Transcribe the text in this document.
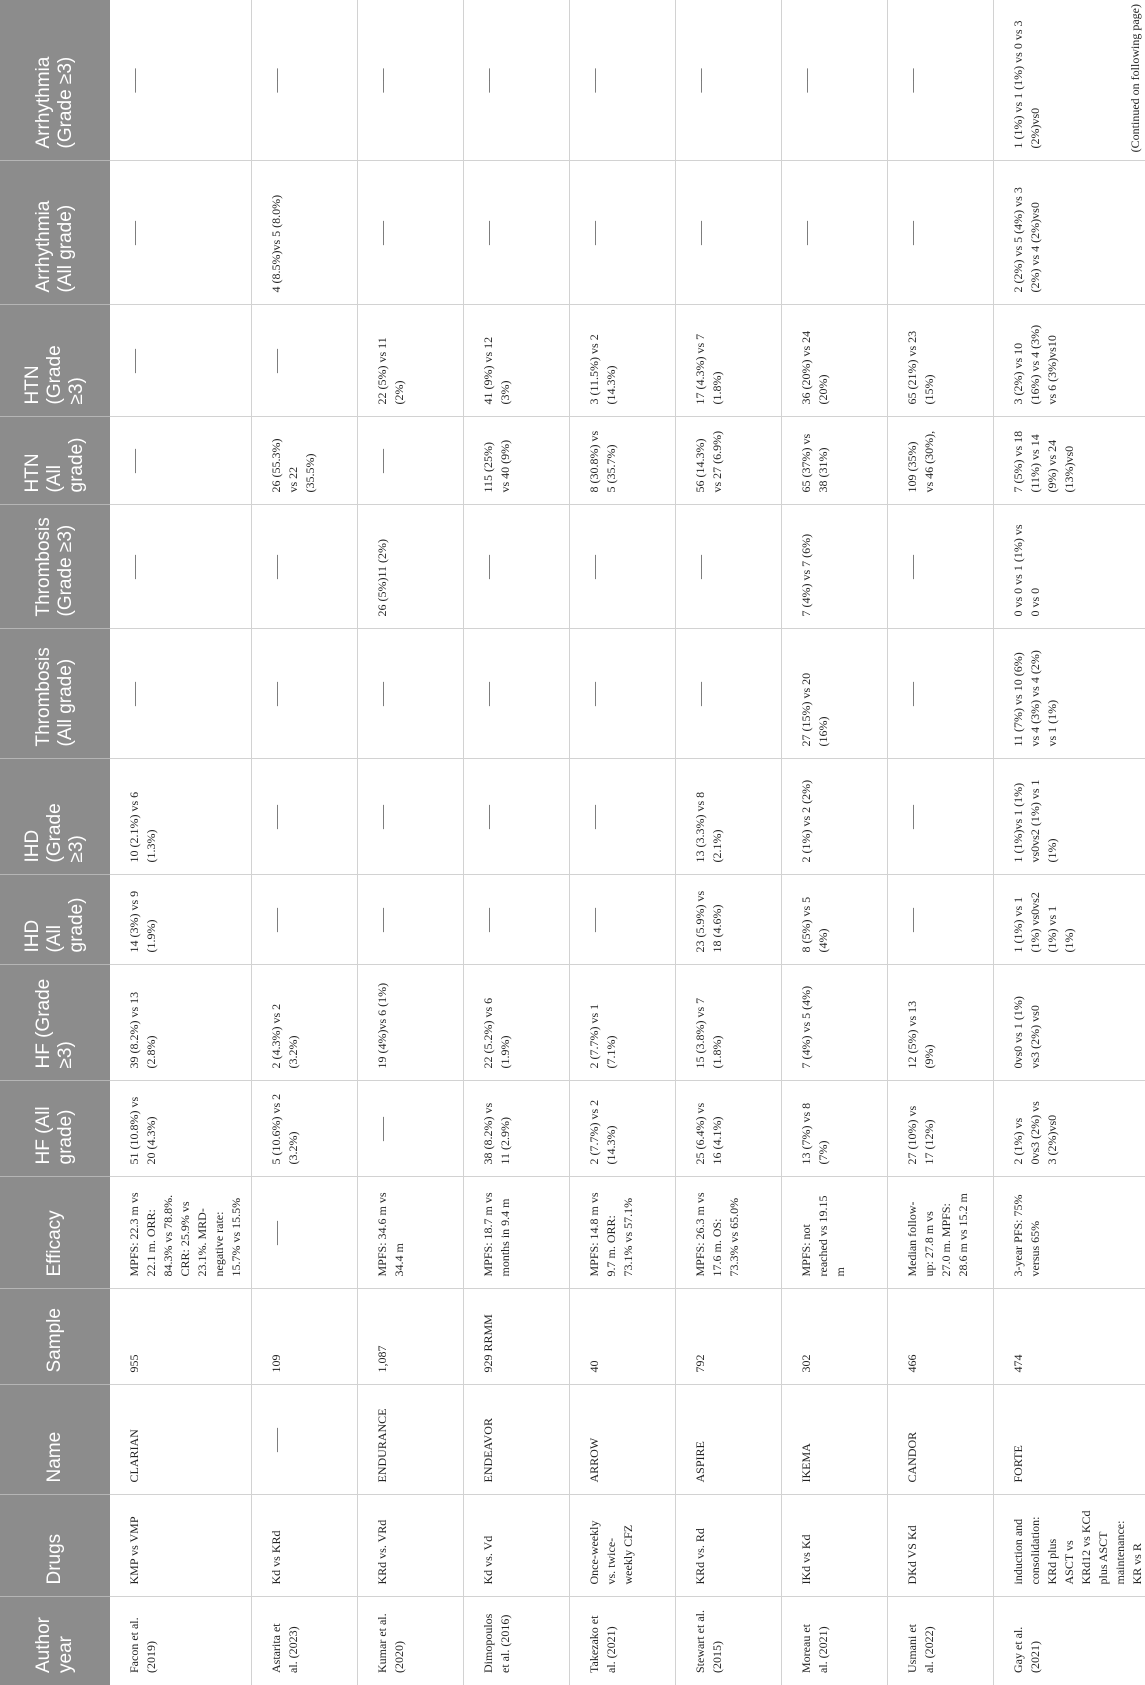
Author year	Drugs	Name	Sample	Efficacy	HF (All grade)	HF (Grade ≥3)	IHD (All grade)	IHD (Grade ≥3)	Thrombosis (All grade)	Thrombosis (Grade ≥3)	HTN (All grade)	HTN (Grade ≥3)	Arrhythmia (All grade)	Arrhythmia (Grade ≥3)
Facon et al. (2019)	KMP vs VMP	CLARIAN	955	MPFS: 22.3 m vs 22.1 m. ORR: 84.3% vs 78.8%. CRR: 25.9% vs 23.1%. MRD-negative rate: 15.7% vs 15.5%	51 (10.8%) vs 20 (4.3%)	39 (8.2%) vs 13 (2.8%)	14 (3%) vs 9 (1.9%)	10 (2.1%) vs 6 (1.3%)	——	——	——	——	——	——
Astarita et al. (2023)	Kd vs KRd	——	109	——	5 (10.6%) vs 2 (3.2%)	2 (4.3%) vs 2 (3.2%)	——	——	——	——	26 (55.3%) vs 22 (35.5%)	——	4 (8.5%)vs 5 (8.0%)	——
Kumar et al. (2020)	KRd vs. VRd	ENDURANCE	1,087	MPFS: 34.6 m vs 34.4 m	——	19 (4%)vs 6 (1%)	——	——	——	26 (5%)11 (2%)	——	22 (5%) vs 11 (2%)	——	——
Dimopoulos et al. (2016)	Kd vs. Vd	ENDEAVOR	929 RRMM	MPFS: 18.7 m vs months in 9.4 m	38 (8.2%) vs 11 (2.9%)	22 (5.2%) vs 6 (1.9%)	——	——	——	——	115 (25%) vs 40 (9%)	41 (9%) vs 12 (3%)	——	——
Takezako et al. (2021)	Once-weekly vs. twice-weekly CFZ	ARROW	40	MPFS: 14.8 m vs 9.7 m. ORR: 73.1% vs 57.1%	2 (7.7%) vs 2 (14.3%)	2 (7.7%) vs 1 (7.1%)	——	——	——	——	8 (30.8%) vs 5 (35.7%)	3 (11.5%) vs 2 (14.3%)	——	——
Stewart et al. (2015)	KRd vs. Rd	ASPIRE	792	MPFS: 26.3 m vs 17.6 m. OS: 73.3% vs 65.0%	25 (6.4%) vs 16 (4.1%)	15 (3.8%) vs 7 (1.8%)	23 (5.9%) vs 18 (4.6%)	13 (3.3%) vs 8 (2.1%)	——	——	56 (14.3%) vs 27 (6.9%)	17 (4.3%) vs 7 (1.8%)	——	——
Moreau et al. (2021)	IKd vs Kd	IKEMA	302	MPFS: not reached vs 19.15 m	13 (7%) vs 8 (7%)	7 (4%) vs 5 (4%)	8 (5%) vs 5 (4%)	2 (1%) vs 2 (2%)	27 (15%) vs 20 (16%)	7 (4%) vs 7 (6%)	65 (37%) vs 38 (31%)	36 (20%) vs 24 (20%)	——	——
Usmani et al. (2022)	DKd VS Kd	CANDOR	466	Median follow-up: 27.8 m vs 27.0 m. MPFS: 28.6 m vs 15.2 m	27 (10%) vs 17 (12%)	12 (5%) vs 13 (9%)	——	——	——	——	109 (35%) vs 46 (30%),	65 (21%) vs 23 (15%)	——	——
Gay et al. (2021)	induction and consolidation: KRd plus ASCT vs KRd12 vs KCd plus ASCT maintenance: KR vs R	FORTE	474	3-year PFS: 75% versus 65%	2 (1%) vs 0vs3 (2%) vs 3 (2%)vs0	0vs0 vs 1 (1%) vs3 (2%) vs0	1 (1%) vs 1 (1%) vs0vs2 (1%) vs 1 (1%)	1 (1%)vs 1 (1%) vs0vs2 (1%) vs 1 (1%)	11 (7%) vs 10 (6%) vs 4 (3%) vs 4 (2%) vs 1 (1%)	0 vs 0 vs 1 (1%) vs 0 vs 0	7 (5%) vs 18 (11%) vs 14 (9%) vs 24 (13%)vs0	3 (2%) vs 10 (16%) vs 4 (3%) vs 6 (3%)vs10	2 (2%) vs 5 (4%) vs 3 (2%) vs 4 (2%)vs0	1 (1%) vs 1 (1%) vs 0 vs 3 (2%)vs0	(Continued on following page)
